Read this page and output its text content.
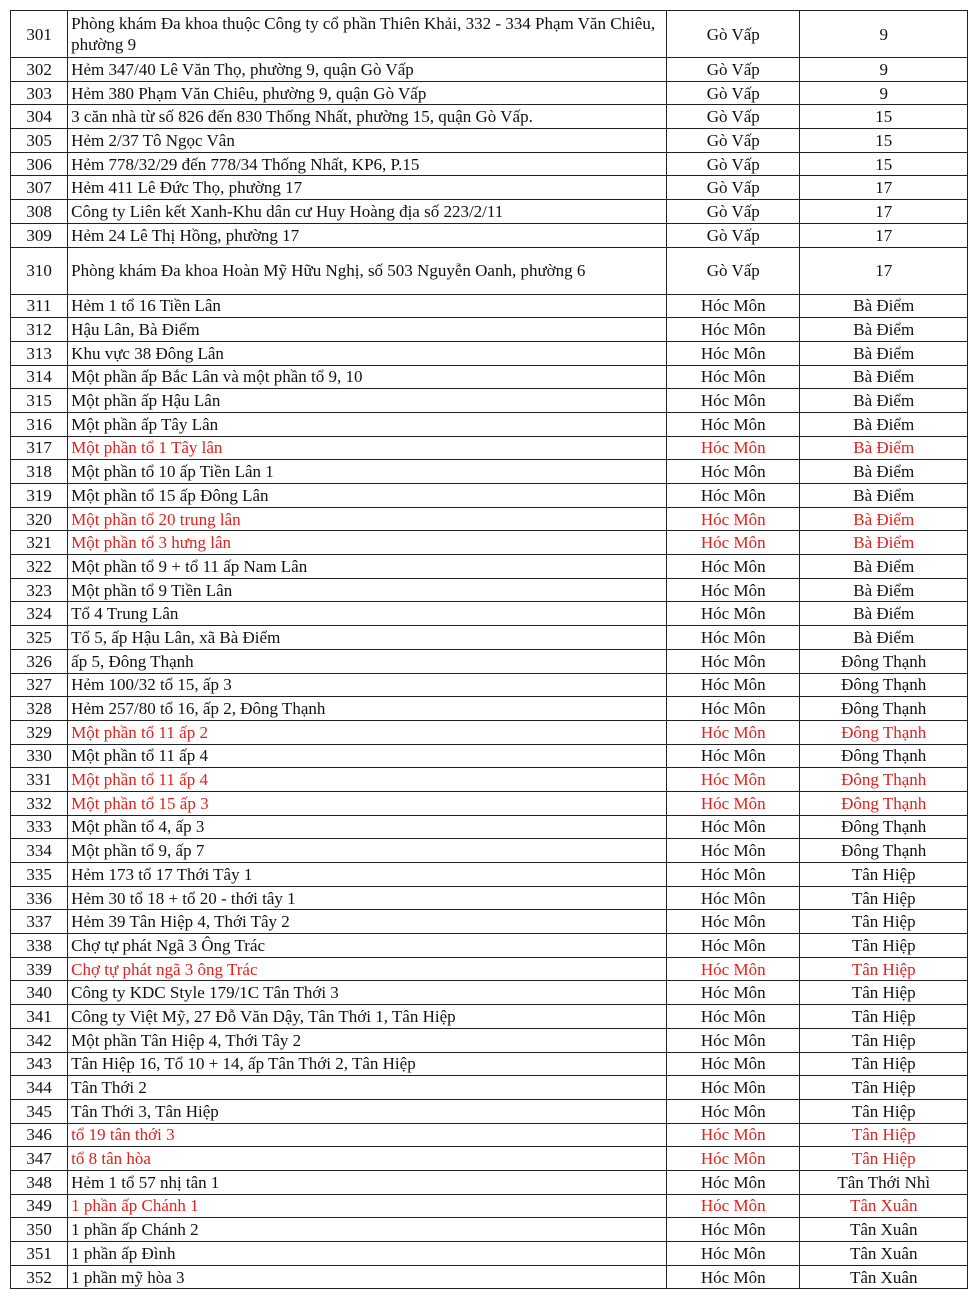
301	Phòng khám Đa khoa thuộc Công ty cổ phần Thiên Khải, 332 - 334 Phạm Văn Chiêu, phường 9	Gò Vấp	9
302	Hẻm 347/40 Lê Văn Thọ, phường 9, quận Gò Vấp	Gò Vấp	9
303	Hẻm 380 Phạm Văn Chiêu, phường 9, quận Gò Vấp	Gò Vấp	9
304	3 căn nhà từ số 826 đến 830 Thống Nhất, phường 15, quận Gò Vấp.	Gò Vấp	15
305	Hẻm 2/37 Tô Ngọc Vân	Gò Vấp	15
306	Hẻm 778/32/29 đến 778/34 Thống Nhất, KP6, P.15	Gò Vấp	15
307	Hẻm 411 Lê Đức Thọ, phường 17	Gò Vấp	17
308	Công ty Liên kết Xanh-Khu dân cư Huy Hoàng địa số 223/2/11	Gò Vấp	17
309	Hẻm 24 Lê Thị Hồng, phường 17	Gò Vấp	17
310	Phòng khám Đa khoa Hoàn Mỹ Hữu Nghị, số 503 Nguyễn Oanh, phường 6	Gò Vấp	17
311	Hẻm 1 tổ 16 Tiền Lân	Hóc Môn	Bà Điểm
312	Hậu Lân, Bà Điểm	Hóc Môn	Bà Điểm
313	Khu vực 38 Đông Lân	Hóc Môn	Bà Điểm
314	Một phần ấp Bắc Lân và một phần tổ 9, 10	Hóc Môn	Bà Điểm
315	Một phần ấp Hậu Lân	Hóc Môn	Bà Điểm
316	Một phần ấp Tây Lân	Hóc Môn	Bà Điểm
317	Một phần tổ 1 Tây lân	Hóc Môn	Bà Điểm
318	Một phần tổ 10 ấp Tiền Lân 1	Hóc Môn	Bà Điểm
319	Một phần tổ 15 ấp Đông Lân	Hóc Môn	Bà Điểm
320	Một phần tổ 20 trung lân	Hóc Môn	Bà Điểm
321	Một phần tổ 3 hưng lân	Hóc Môn	Bà Điểm
322	Một phần tổ 9 + tổ 11 ấp Nam Lân	Hóc Môn	Bà Điểm
323	Một phần tổ 9 Tiền Lân	Hóc Môn	Bà Điểm
324	Tổ 4 Trung Lân	Hóc Môn	Bà Điểm
325	Tổ 5, ấp Hậu Lân, xã Bà Điểm	Hóc Môn	Bà Điểm
326	ấp 5, Đông Thạnh	Hóc Môn	Đông Thạnh
327	Hẻm 100/32 tổ 15, ấp 3	Hóc Môn	Đông Thạnh
328	Hẻm 257/80 tổ 16, ấp 2, Đông Thạnh	Hóc Môn	Đông Thạnh
329	Một phần tổ 11 ấp 2	Hóc Môn	Đông Thạnh
330	Một phần tổ 11 ấp 4	Hóc Môn	Đông Thạnh
331	Một phần tổ 11 ấp 4	Hóc Môn	Đông Thạnh
332	Một phần tổ 15 ấp 3	Hóc Môn	Đông Thạnh
333	Một phần tổ 4, ấp 3	Hóc Môn	Đông Thạnh
334	Một phần tổ 9, ấp 7	Hóc Môn	Đông Thạnh
335	Hẻm 173 tổ 17 Thới Tây 1	Hóc Môn	Tân Hiệp
336	Hẻm 30 tổ 18 + tổ 20 - thới tây 1	Hóc Môn	Tân Hiệp
337	Hẻm 39 Tân Hiệp 4, Thới Tây 2	Hóc Môn	Tân Hiệp
338	Chợ tự phát Ngã 3 Ông Trác	Hóc Môn	Tân Hiệp
339	Chợ tự phát ngã 3 ông Trác	Hóc Môn	Tân Hiệp
340	Công ty KDC Style 179/1C Tân Thới 3	Hóc Môn	Tân Hiệp
341	Công ty Việt Mỹ, 27 Đỗ Văn Dậy, Tân Thới 1, Tân Hiệp	Hóc Môn	Tân Hiệp
342	Một phần Tân Hiệp 4, Thới Tây 2	Hóc Môn	Tân Hiệp
343	Tân Hiệp 16, Tổ 10 + 14, ấp Tân Thới 2, Tân Hiệp	Hóc Môn	Tân Hiệp
344	Tân Thới 2	Hóc Môn	Tân Hiệp
345	Tân Thới 3, Tân Hiệp	Hóc Môn	Tân Hiệp
346	tổ 19 tân thới 3	Hóc Môn	Tân Hiệp
347	tổ 8 tân hòa	Hóc Môn	Tân Hiệp
348	Hẻm 1 tổ 57 nhị tân 1	Hóc Môn	Tân Thới Nhì
349	1 phần ấp Chánh 1	Hóc Môn	Tân Xuân
350	1 phần ấp Chánh 2	Hóc Môn	Tân Xuân
351	1 phần ấp Đình	Hóc Môn	Tân Xuân
352	1 phần mỹ hòa 3	Hóc Môn	Tân Xuân
